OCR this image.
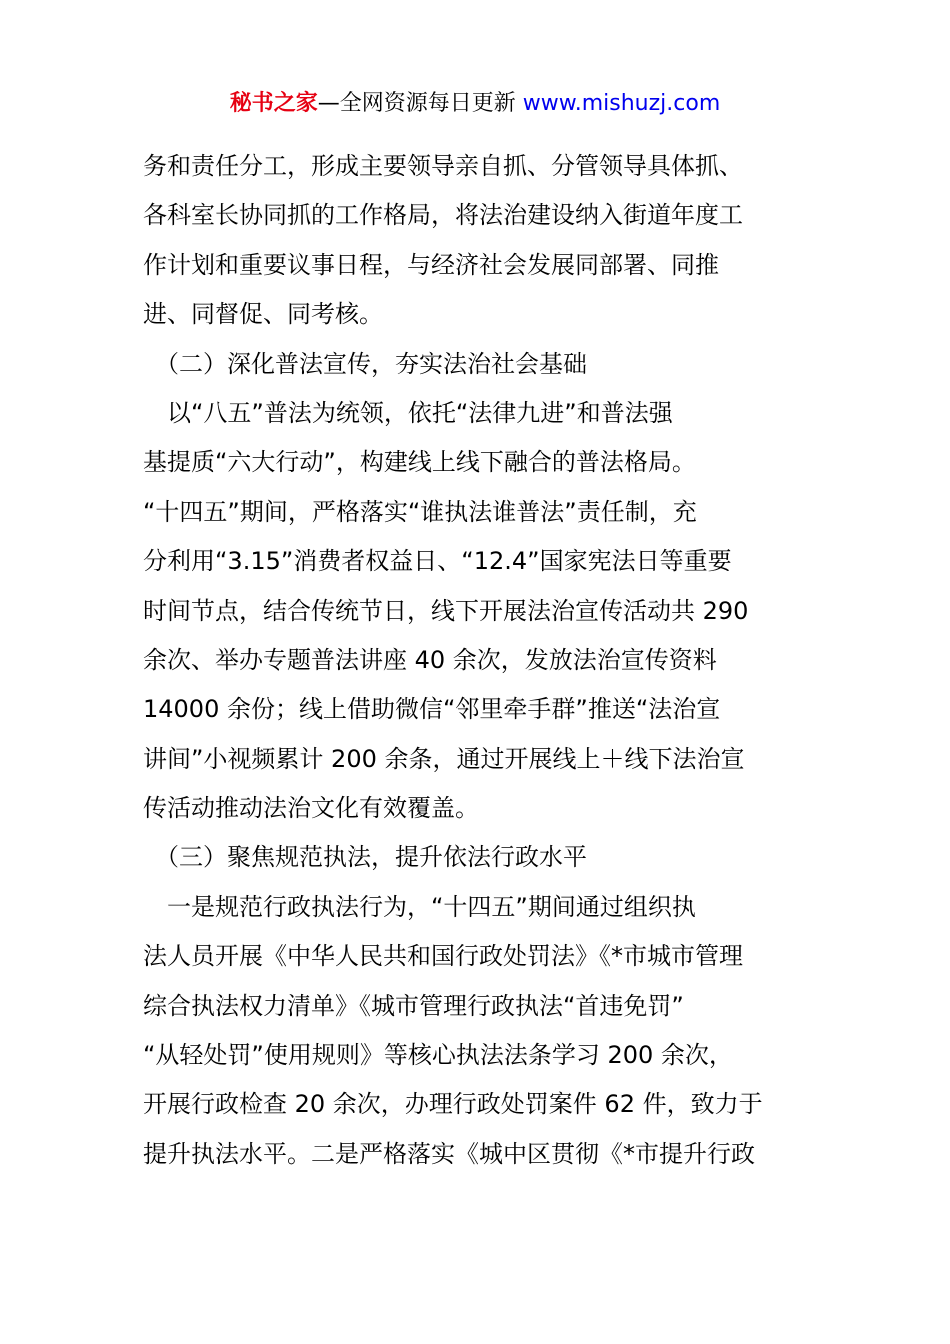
秘书之家—全网资源每日更新 www.mishuzj.com
务和责任分工，形成主要领导亲自抓、分管领导具体抓、
各科室长协同抓的工作格局，将法治建设纳入街道年度工
作计划和重要议事日程，与经济社会发展同部署、同推
进、同督促、同考核。
　（二）深化普法宣传，夯实法治社会基础
　以“八五”普法为统领，依托“法律九进”和普法强
基提质“六大行动”，构建线上线下融合的普法格局。
“十四五”期间，严格落实“谁执法谁普法”责任制，充
分利用“3.15”消费者权益日、“12.4”国家宪法日等重要
时间节点，结合传统节日，线下开展法治宣传活动共 290
余次、举办专题普法讲座 40 余次，发放法治宣传资料
14000 余份；线上借助微信“邻里牵手群”推送“法治宣
讲间”小视频累计 200 余条，通过开展线上＋线下法治宣
传活动推动法治文化有效覆盖。
　（三）聚焦规范执法，提升依法行政水平
　一是规范行政执法行为，“十四五”期间通过组织执
法人员开展《中华人民共和国行政处罚法》《*市城市管理
综合执法权力清单》《城市管理行政执法“首违免罚”
“从轻处罚”使用规则》等核心执法法条学习 200 余次，
开展行政检查 20 余次，办理行政处罚案件 62 件，致力于
提升执法水平。二是严格落实《城中区贯彻《*市提升行政
